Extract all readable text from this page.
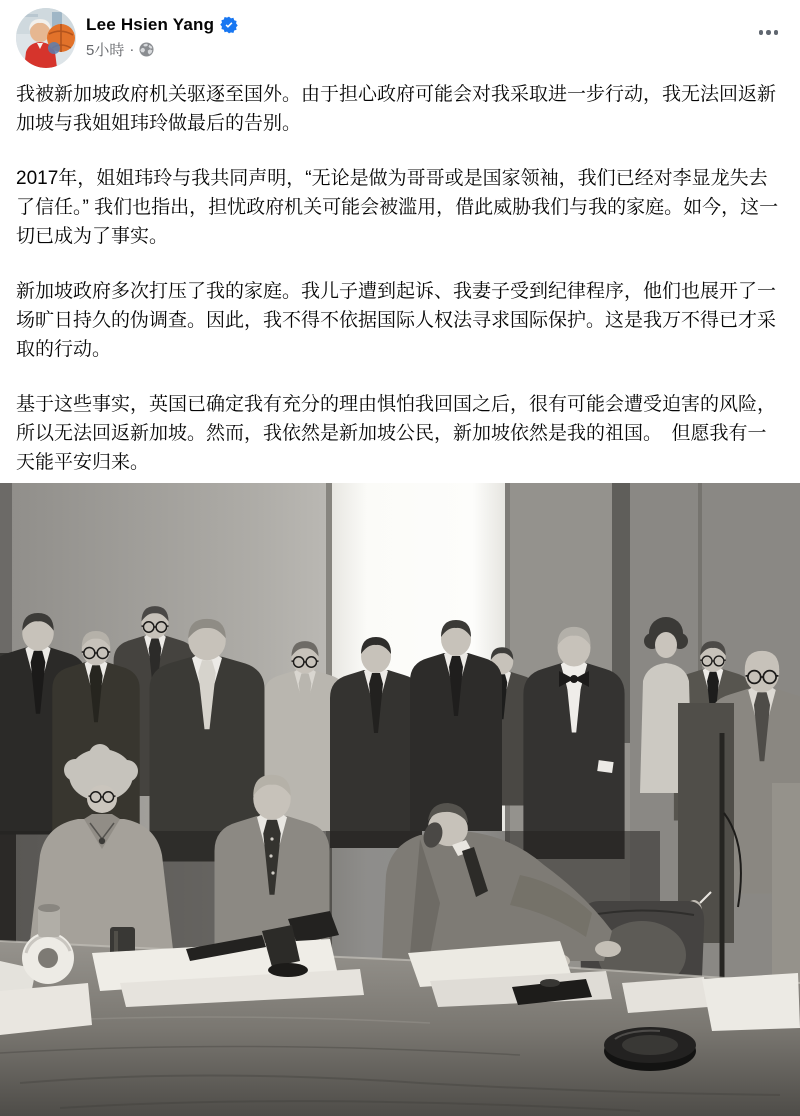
Lee Hsien Yang
5小時 ·

我被新加坡政府机关驱逐至国外。由于担心政府可能会对我采取进一步行动，我无法回返新加坡与我姐姐玮玲做最后的告别。

2017年，姐姐玮玲与我共同声明，“无论是做为哥哥或是国家领袖，我们已经对李显龙失去了信任。” 我们也指出，担忧政府机关可能会被滥用，借此威胁我们与我的家庭。如今，这一切已成为了事实。

新加坡政府多次打压了我的家庭。我儿子遭到起诉、我妻子受到纪律程序，他们也展开了一场旷日持久的伪调查。因此，我不得不依据国际人权法寻求国际保护。这是我万不得已才采取的行动。

基于这些事实，英国已确定我有充分的理由惧怕我回国之后，很有可能会遭受迫害的风险，所以无法回返新加坡。然而，我依然是新加坡公民，新加坡依然是我的祖国。　但愿我有一天能平安归来。
